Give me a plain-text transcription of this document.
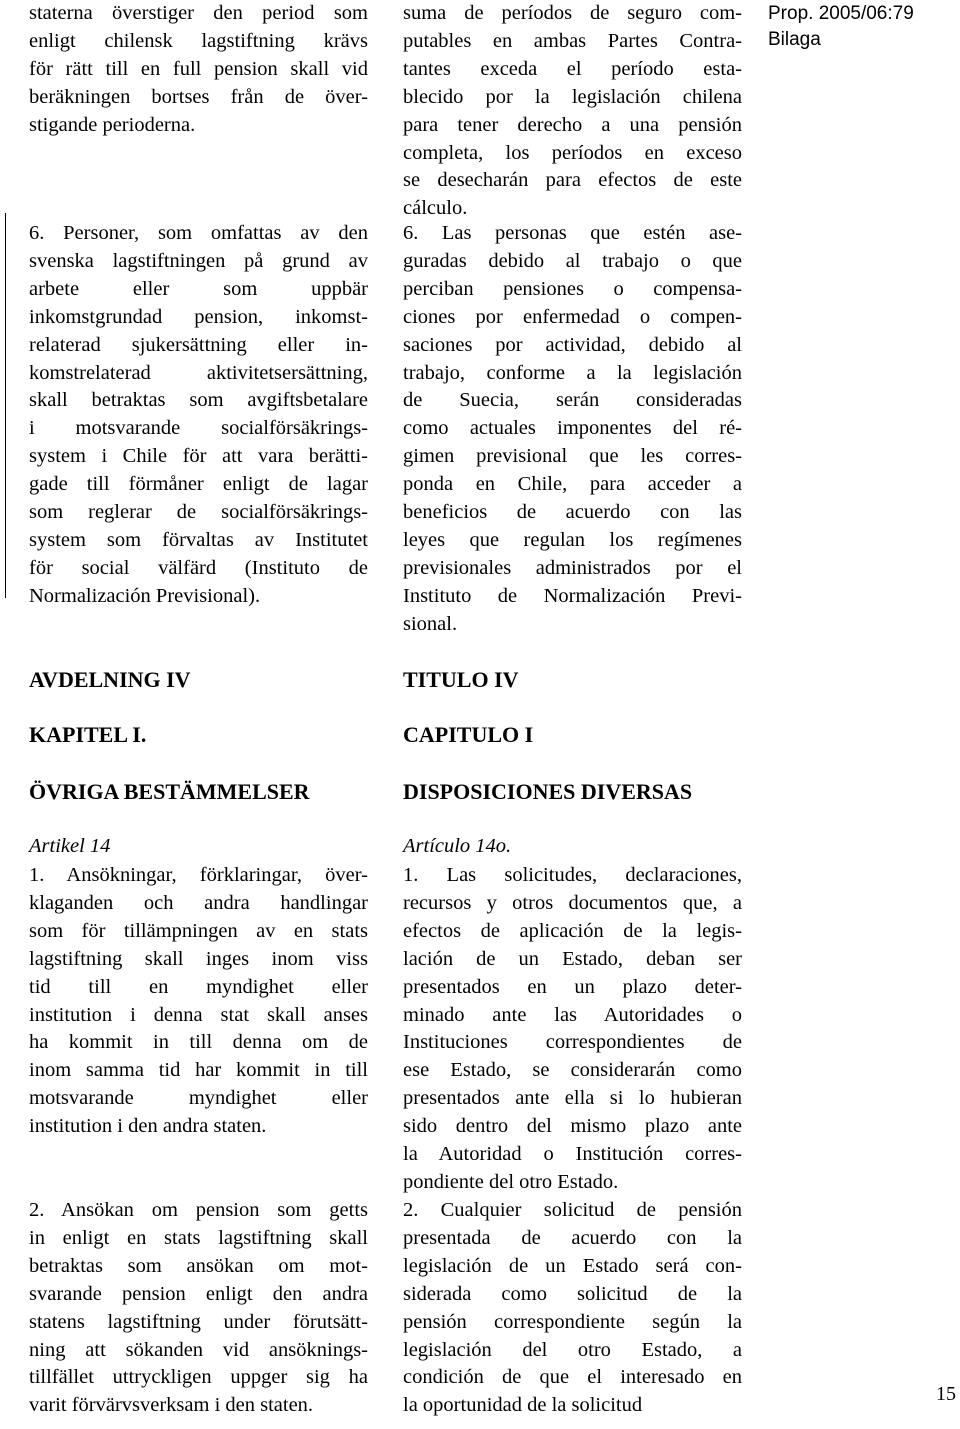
Prop. 2005/06:79
Bilaga
15
staterna överstiger den period som
enligt chilensk lagstiftning krävs
för rätt till en full pension skall vid
beräkningen bortses från de över-
stigande perioderna.
6. Personer, som omfattas av den
svenska lagstiftningen på grund av
arbete eller som uppbär
inkomstgrundad pension, inkomst-
relaterad sjukersättning eller in-
komstrelaterad aktivitetsersättning,
skall betraktas som avgiftsbetalare
i motsvarande socialförsäkrings-
system i Chile för att vara berätti-
gade till förmåner enligt de lagar
som reglerar de socialförsäkrings-
system som förvaltas av Institutet
för social välfärd (Instituto de
Normalización Previsional).
AVDELNING IV
KAPITEL I.
ÖVRIGA BESTÄMMELSER
Artikel 14
1. Ansökningar, förklaringar, över-
klaganden och andra handlingar
som för tillämpningen av en stats
lagstiftning skall inges inom viss
tid till en myndighet eller
institution i denna stat skall anses
ha kommit in till denna om de
inom samma tid har kommit in till
motsvarande myndighet eller
institution i den andra staten.
2. Ansökan om pension som getts
in enligt en stats lagstiftning skall
betraktas som ansökan om mot-
svarande pension enligt den andra
statens lagstiftning under förutsätt-
ning att sökanden vid ansöknings-
tillfället uttryckligen uppger sig ha
varit förvärvsverksam i den staten.
suma de períodos de seguro com-
putables en ambas Partes Contra-
tantes exceda el período esta-
blecido por la legislación chilena
para tener derecho a una pensión
completa, los períodos en exceso
se desecharán para efectos de este
cálculo.
6. Las personas que estén ase-
guradas debido al trabajo o que
perciban pensiones o compensa-
ciones por enfermedad o compen-
saciones por actividad, debido al
trabajo, conforme a la legislación
de Suecia, serán consideradas
como actuales imponentes del ré-
gimen previsional que les corres-
ponda en Chile, para acceder a
beneficios de acuerdo con las
leyes que regulan los regímenes
previsionales administrados por el
Instituto de Normalización Previ-
sional.
TITULO IV
CAPITULO I
DISPOSICIONES DIVERSAS
Artículo 14o.
1. Las solicitudes, declaraciones,
recursos y otros documentos que, a
efectos de aplicación de la legis-
lación de un Estado, deban ser
presentados en un plazo deter-
minado ante las Autoridades o
Instituciones correspondientes de
ese Estado, se considerarán como
presentados ante ella si lo hubieran
sido dentro del mismo plazo ante
la Autoridad o Institución corres-
pondiente del otro Estado.
2. Cualquier solicitud de pensión
presentada de acuerdo con la
legislación de un Estado será con-
siderada como solicitud de la
pensión correspondiente según la
legislación del otro Estado, a
condición de que el interesado en
la oportunidad de la solicitud
